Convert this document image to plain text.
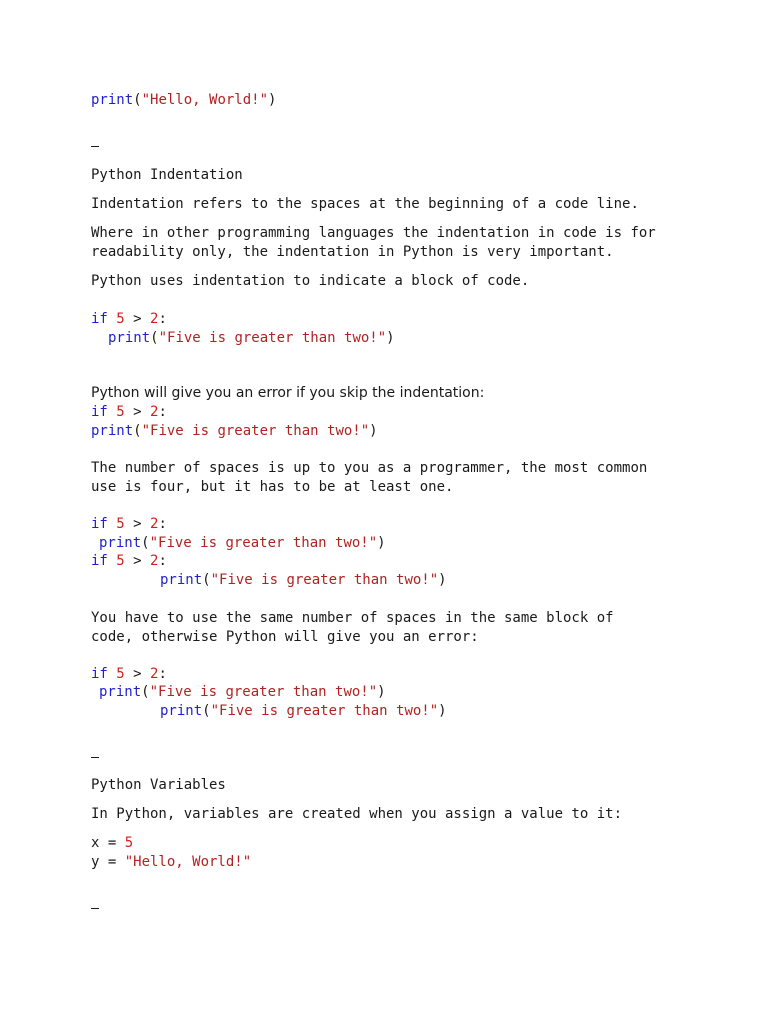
print("Hello, World!")
Python Indentation
Indentation refers to the spaces at the beginning of a code line.
Where in other programming languages the indentation in code is for
readability only, the indentation in Python is very important.
Python uses indentation to indicate a block of code.
if 5 > 2:
print("Five is greater than two!")
Python will give you an error if you skip the indentation:
if 5 > 2:
print("Five is greater than two!")
The number of spaces is up to you as a programmer, the most common
use is four, but it has to be at least one.
if 5 > 2:
print("Five is greater than two!")
if 5 > 2:
print("Five is greater than two!")
You have to use the same number of spaces in the same block of
code, otherwise Python will give you an error:
if 5 > 2:
print("Five is greater than two!")
print("Five is greater than two!")
Python Variables
In Python, variables are created when you assign a value to it:
x = 5
y = "Hello, World!"
